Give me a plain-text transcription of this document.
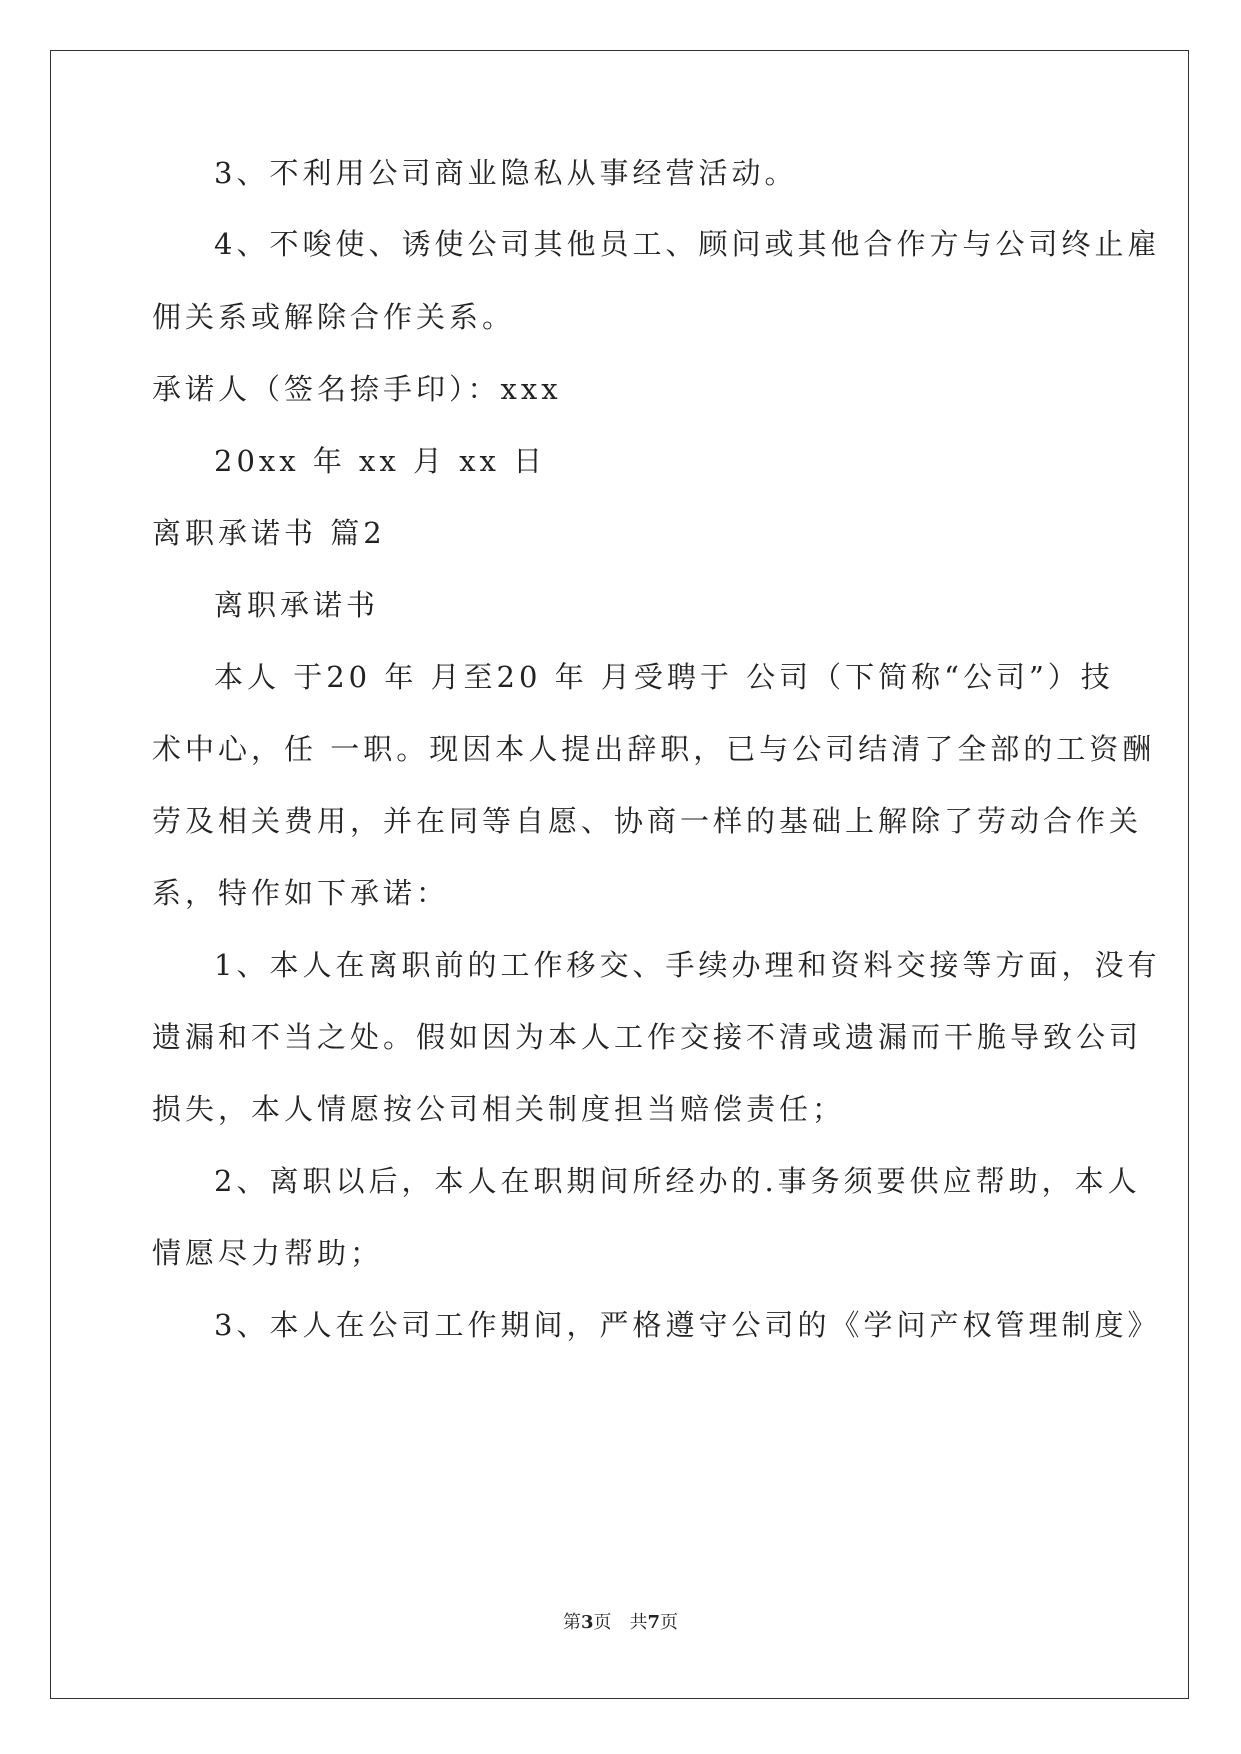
3、不利用公司商业隐私从事经营活动。
4、不唆使、诱使公司其他员工、顾问或其他合作方与公司终止雇
佣关系或解除合作关系。
承诺人（签名捺手印）：xxx
20xx 年 xx 月 xx 日
离职承诺书 篇2
离职承诺书
本人 于20 年 月至20 年 月受聘于 公司（下简称“公司”）技
术中心，任 一职。现因本人提出辞职，已与公司结清了全部的工资酬
劳及相关费用，并在同等自愿、协商一样的基础上解除了劳动合作关
系，特作如下承诺：
1、本人在离职前的工作移交、手续办理和资料交接等方面，没有
遗漏和不当之处。假如因为本人工作交接不清或遗漏而干脆导致公司
损失，本人情愿按公司相关制度担当赔偿责任；
2、离职以后，本人在职期间所经办的.事务须要供应帮助，本人
情愿尽力帮助；
3、本人在公司工作期间，严格遵守公司的《学问产权管理制度》
第3页　共7页
